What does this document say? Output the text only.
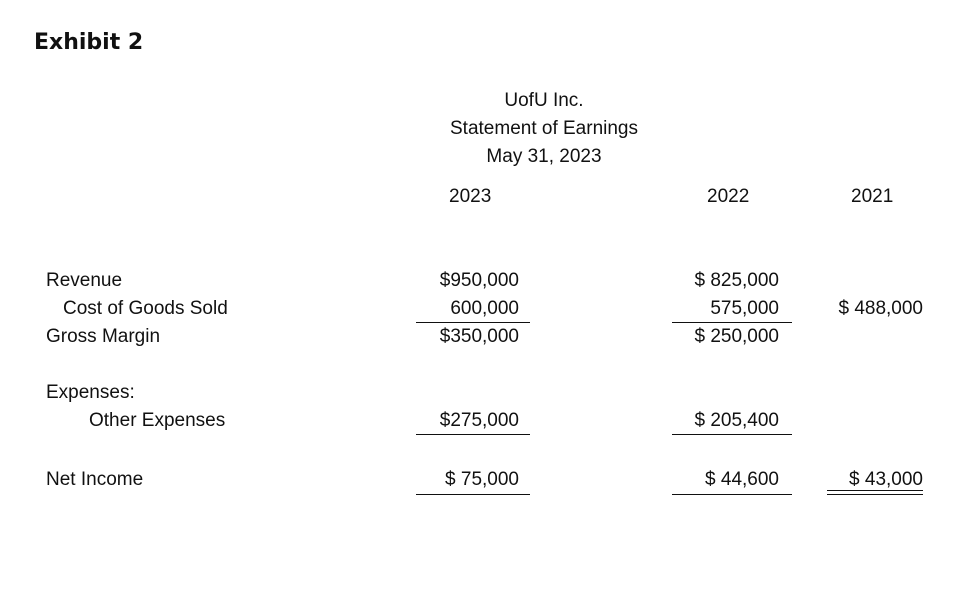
Exhibit 2
UofU Inc.
Statement of Earnings
May 31, 2023
2023	2022	2021
Revenue
Cost of Goods Sold
Gross Margin
Expenses:
Other Expenses
Net Income
$950,000
600,000
$350,000
$275,000
$ 75,000
$ 825,000
575,000
$ 250,000
$ 205,400
$ 44,600
$ 488,000
$ 43,000
